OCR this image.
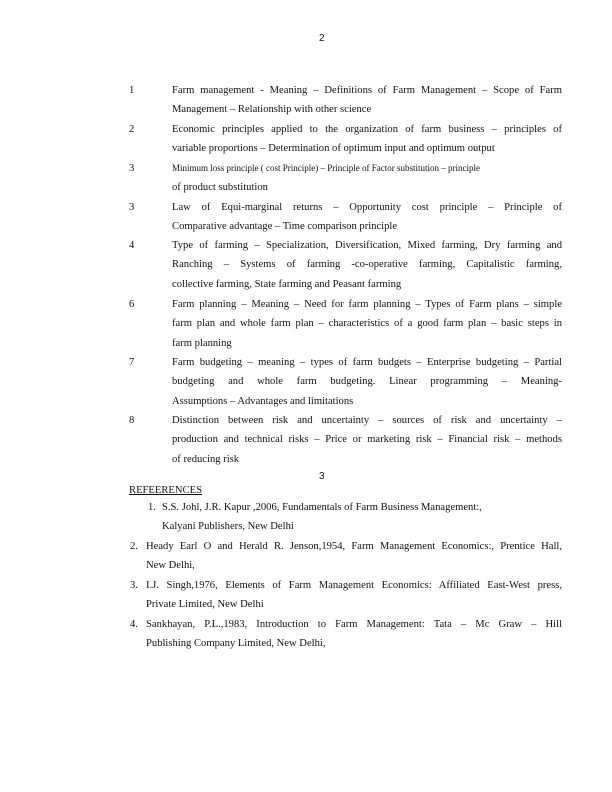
2
1	Farm management - Meaning – Definitions of Farm Management – Scope of Farm
Management – Relationship with other science
2	Economic principles applied to the organization of farm business – principles of
variable proportions – Determination of optimum input and optimum output
3	Minimum loss principle ( cost Principle) – Principle of Factor substitution – principle
of product substitution
3	Law of Equi-marginal returns – Opportunity cost principle – Principle of
Comparative advantage – Time comparison principle
4	Type of farming – Specialization, Diversification, Mixed farming, Dry farming and
Ranching – Systems of farming -co-operative farming, Capitalistic farming,
collective farming, State farming and Peasant farming
6	Farm planning – Meaning – Need for farm planning – Types of Farm plans – simple
farm plan and whole farm plan – characteristics of a good farm plan – basic steps in
farm planning
7	Farm budgeting – meaning – types of farm budgets – Enterprise budgeting – Partial
budgeting and whole farm budgeting. Linear programming – Meaning-
Assumptions – Advantages and limitations
8	Distinction between risk and uncertainty – sources of risk and uncertainty –
production and technical risks – Price or marketing risk – Financial risk – methods
of reducing risk
3
REFEERENCES
1. S.S. Johl, J.R. Kapur ,2006, Fundamentals of Farm Business Management:,
Kalyani Publishers, New Delhi
2. Heady Earl O and Herald R. Jenson,1954, Farm Management Economics:, Prentice Hall,
New Delhi,
3. I.J. Singh,1976, Elements of Farm Management Economics: Affiliated East-West press,
Private Limited, New Delhi
4. Sankhayan, P.L.,1983, Introduction to Farm Management: Tata – Mc Graw – Hill
Publishing Company Limited, New Delhi,
